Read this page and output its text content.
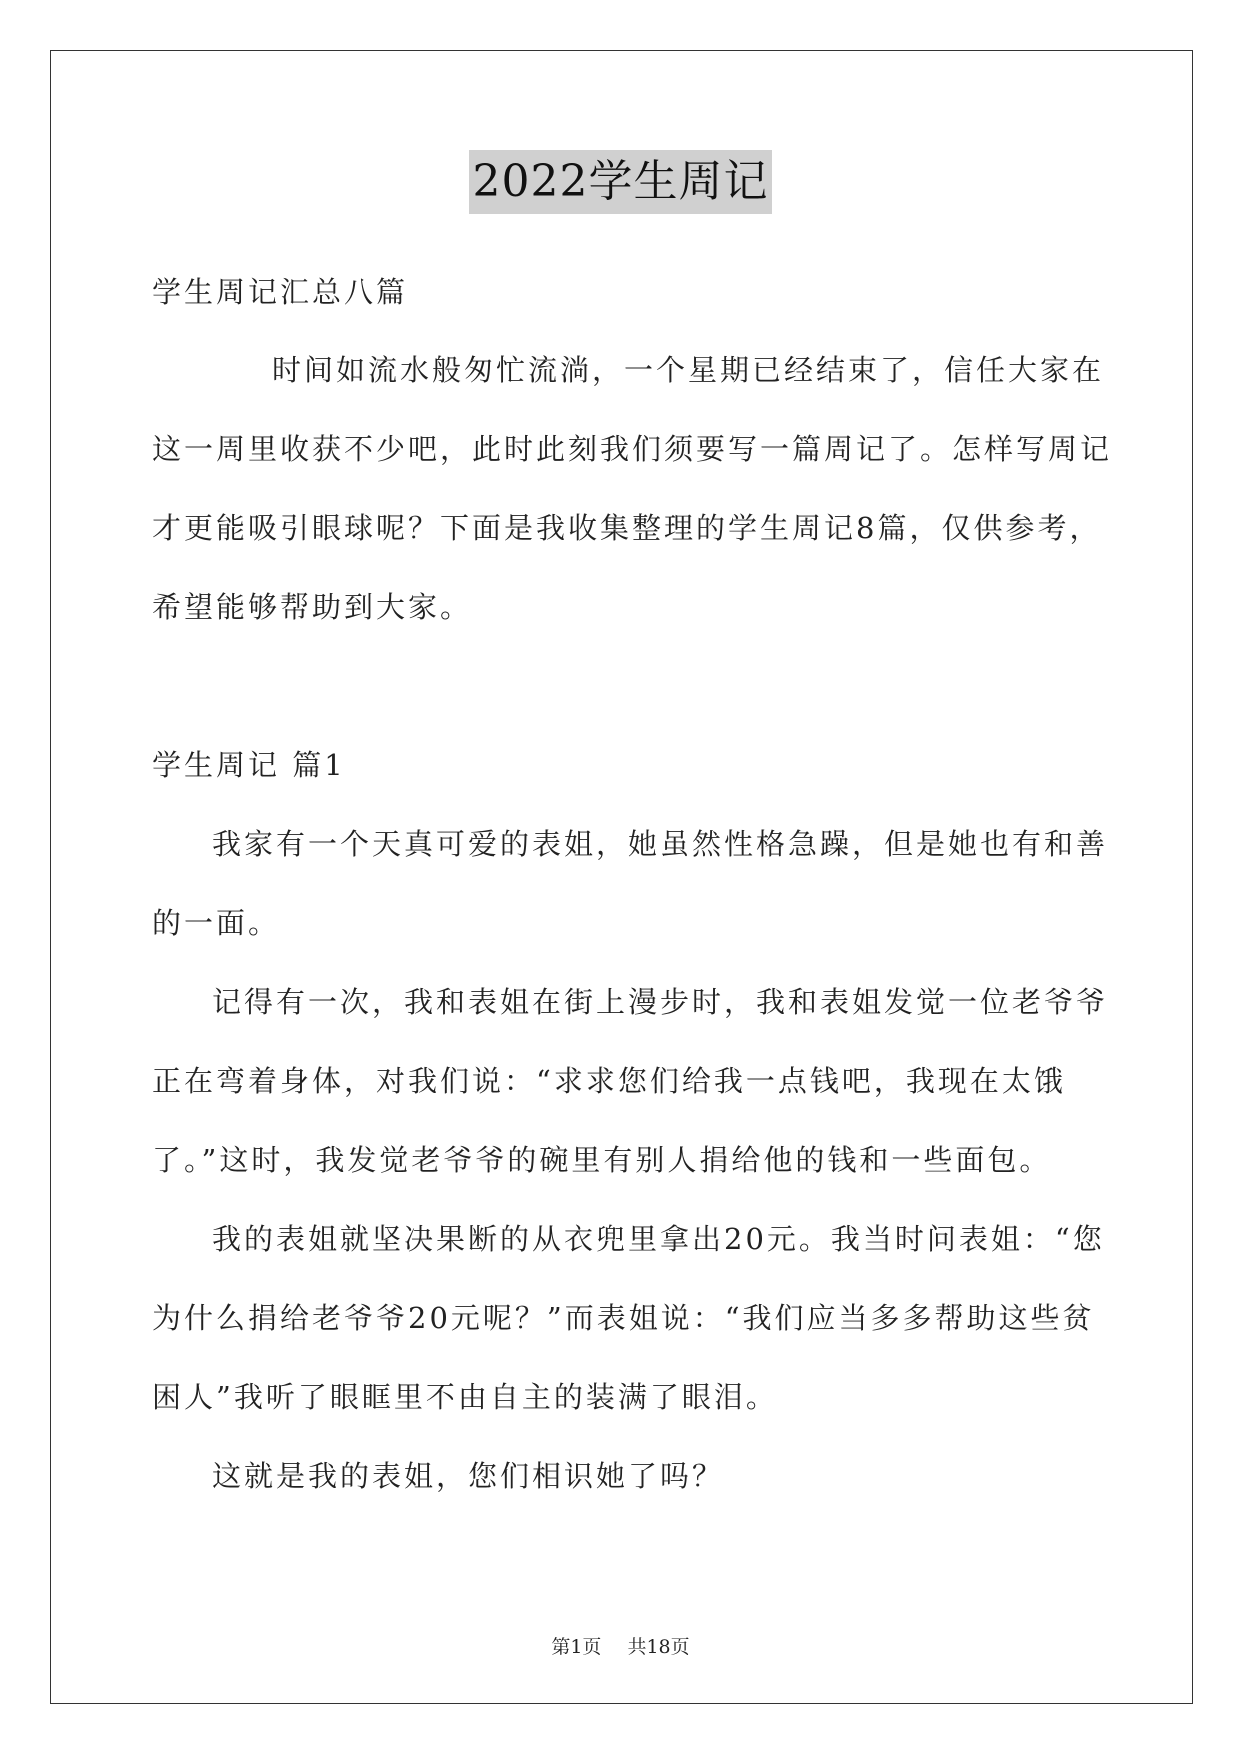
2022学生周记
学生周记汇总八篇
时间如流水般匆忙流淌，一个星期已经结束了，信任大家在
这一周里收获不少吧，此时此刻我们须要写一篇周记了。怎样写周记
才更能吸引眼球呢？下面是我收集整理的学生周记8篇，仅供参考，
希望能够帮助到大家。
学生周记 篇1
我家有一个天真可爱的表姐，她虽然性格急躁，但是她也有和善
的一面。
记得有一次，我和表姐在街上漫步时，我和表姐发觉一位老爷爷
正在弯着身体，对我们说：“求求您们给我一点钱吧，我现在太饿
了。”这时，我发觉老爷爷的碗里有别人捐给他的钱和一些面包。
我的表姐就坚决果断的从衣兜里拿出20元。我当时问表姐：“您
为什么捐给老爷爷20元呢？”而表姐说：“我们应当多多帮助这些贫
困人”我听了眼眶里不由自主的装满了眼泪。
这就是我的表姐，您们相识她了吗？
第1页 共18页
